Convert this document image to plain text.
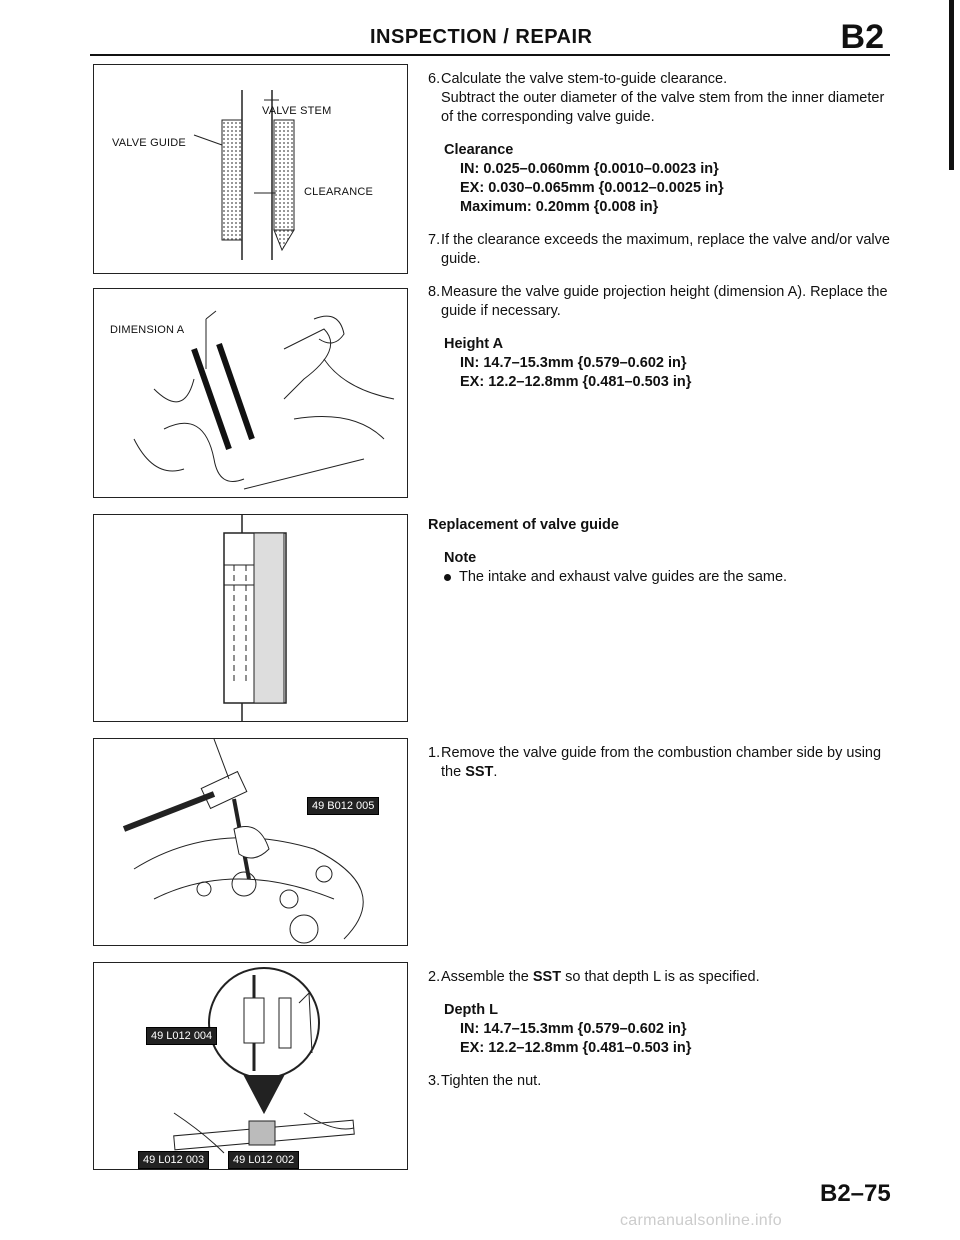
INSPECTION / REPAIR	B2
VALVE STEM
VALVE GUIDE
CLEARANCE
DIMENSION A
49 B012 005
49 L012 004
49 L012 003	49 L012 002
6. Calculate the valve stem-to-guide clearance.
Subtract the outer diameter of the valve stem from the inner diameter of the corresponding valve guide.
Clearance
IN: 0.025–0.060mm {0.0010–0.0023 in}
EX: 0.030–0.065mm {0.0012–0.0025 in}
Maximum: 0.20mm {0.008 in}
7. If the clearance exceeds the maximum, replace the valve and/or valve guide.
8. Measure the valve guide projection height (dimension A). Replace the guide if necessary.
Height A
IN: 14.7–15.3mm {0.579–0.602 in}
EX: 12.2–12.8mm {0.481–0.503 in}
Replacement of valve guide
Note
The intake and exhaust valve guides are the same.
1. Remove the valve guide from the combustion chamber side by using the SST.
2. Assemble the SST so that depth L is as specified.
Depth L
IN: 14.7–15.3mm {0.579–0.602 in}
EX: 12.2–12.8mm {0.481–0.503 in}
3. Tighten the nut.
B2–75
carmanualsonline.info
